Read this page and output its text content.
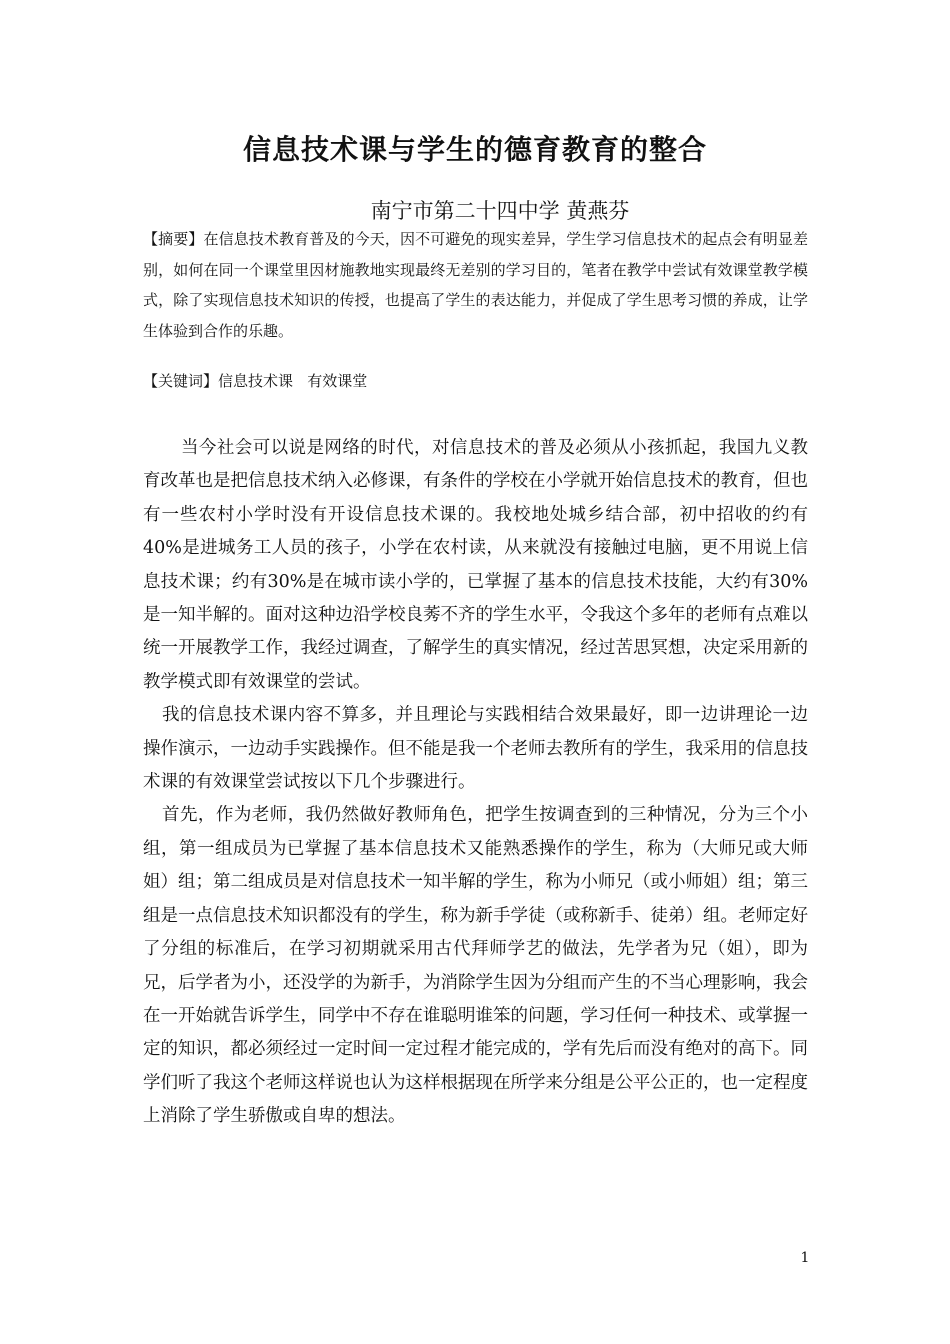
信息技术课与学生的德育教育的整合
南宁市第二十四中学 黄燕芬

【摘要】在信息技术教育普及的今天，因不可避免的现实差异，学生学习信息技术的起点会有明显差别，如何在同一个课堂里因材施教地实现最终无差别的学习目的，笔者在教学中尝试有效课堂教学模式，除了实现信息技术知识的传授，也提高了学生的表达能力，并促成了学生思考习惯的养成，让学生体验到合作的乐趣。

【关键词】信息技术课   有效课堂

当今社会可以说是网络的时代，对信息技术的普及必须从小孩抓起，我国九义教育改革也是把信息技术纳入必修课，有条件的学校在小学就开始信息技术的教育，但也有一些农村小学时没有开设信息技术课的。我校地处城乡结合部，初中招收的约有40%是进城务工人员的孩子，小学在农村读，从来就没有接触过电脑，更不用说上信息技术课；约有30%是在城市读小学的，已掌握了基本的信息技术技能，大约有30%是一知半解的。面对这种边沿学校良莠不齐的学生水平，令我这个多年的老师有点难以统一开展教学工作，我经过调查，了解学生的真实情况，经过苦思冥想，决定采用新的教学模式即有效课堂的尝试。

我的信息技术课内容不算多，并且理论与实践相结合效果最好，即一边讲理论一边操作演示，一边动手实践操作。但不能是我一个老师去教所有的学生，我采用的信息技术课的有效课堂尝试按以下几个步骤进行。

首先，作为老师，我仍然做好教师角色，把学生按调查到的三种情况，分为三个小组，第一组成员为已掌握了基本信息技术又能熟悉操作的学生，称为（大师兄或大师姐）组；第二组成员是对信息技术一知半解的学生，称为小师兄（或小师姐）组；第三组是一点信息技术知识都没有的学生，称为新手学徒（或称新手、徒弟）组。老师定好了分组的标准后，在学习初期就采用古代拜师学艺的做法，先学者为兄（姐），即为兄，后学者为小，还没学的为新手，为消除学生因为分组而产生的不当心理影响，我会在一开始就告诉学生，同学中不存在谁聪明谁笨的问题，学习任何一种技术、或掌握一定的知识，都必须经过一定时间一定过程才能完成的，学有先后而没有绝对的高下。同学们听了我这个老师这样说也认为这样根据现在所学来分组是公平公正的，也一定程度上消除了学生骄傲或自卑的想法。

1
